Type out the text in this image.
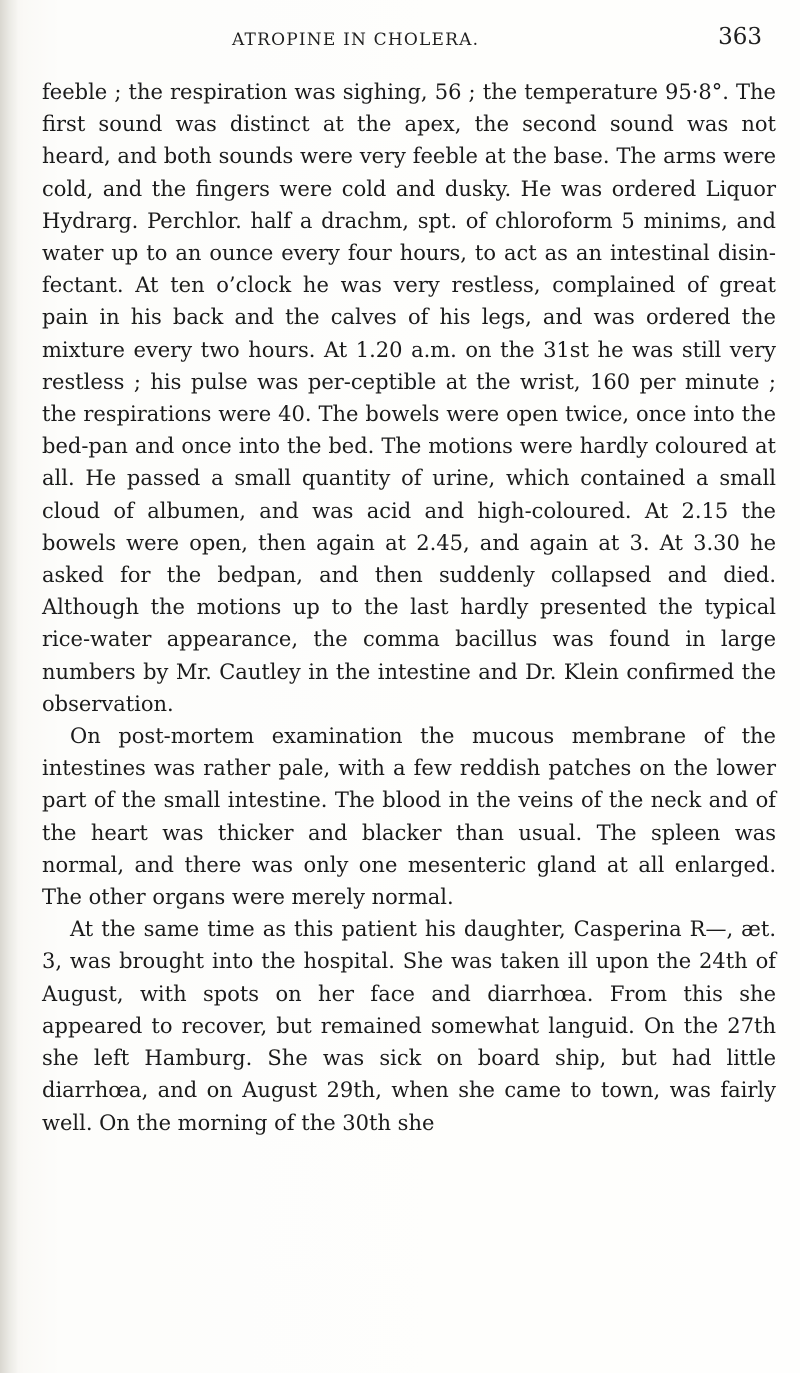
ATROPINE IN CHOLERA.	363

feeble ; the respiration was sighing, 56 ; the temperature 95·8°. The first sound was distinct at the apex, the second sound was not heard, and both sounds were very feeble at the base. The arms were cold, and the fingers were cold and dusky. He was ordered Liquor Hydrarg. Perchlor. half a drachm, spt. of chloroform 5 minims, and water up to an ounce every four hours, to act as an intestinal disin-fectant. At ten o’clock he was very restless, complained of great pain in his back and the calves of his legs, and was ordered the mixture every two hours. At 1.20 a.m. on the 31st he was still very restless ; his pulse was per-ceptible at the wrist, 160 per minute ; the respirations were 40. The bowels were open twice, once into the bed-pan and once into the bed. The motions were hardly coloured at all. He passed a small quantity of urine, which contained a small cloud of albumen, and was acid and high-coloured. At 2.15 the bowels were open, then again at 2.45, and again at 3. At 3.30 he asked for the bedpan, and then suddenly collapsed and died. Although the motions up to the last hardly presented the typical rice-water appearance, the comma bacillus was found in large numbers by Mr. Cautley in the intestine and Dr. Klein confirmed the observation.

On post-mortem examination the mucous membrane of the intestines was rather pale, with a few reddish patches on the lower part of the small intestine. The blood in the veins of the neck and of the heart was thicker and blacker than usual. The spleen was normal, and there was only one mesenteric gland at all enlarged. The other organs were merely normal.

At the same time as this patient his daughter, Casperina R—, æt. 3, was brought into the hospital. She was taken ill upon the 24th of August, with spots on her face and diarrhœa. From this she appeared to recover, but remained somewhat languid. On the 27th she left Hamburg. She was sick on board ship, but had little diarrhœa, and on August 29th, when she came to town, was fairly well. On the morning of the 30th she
